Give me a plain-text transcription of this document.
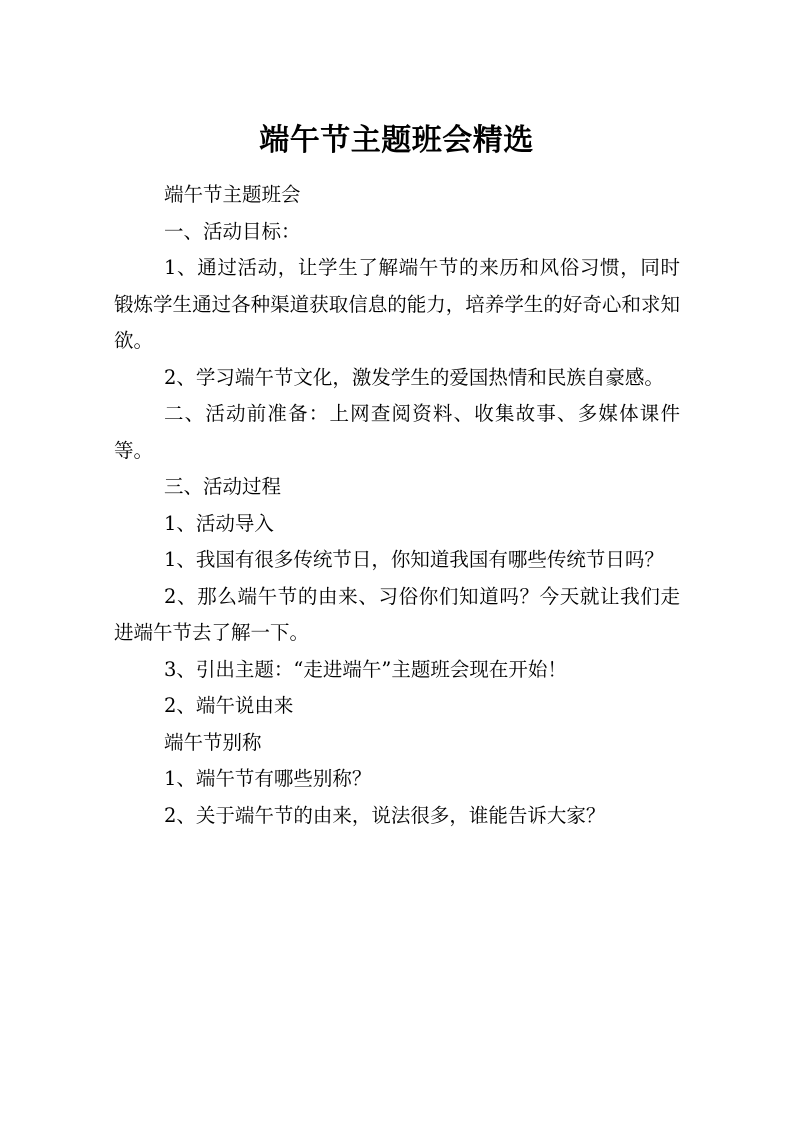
端午节主题班会精选

端午节主题班会

一、活动目标：

1、通过活动，让学生了解端午节的来历和风俗习惯，同时锻炼学生通过各种渠道获取信息的能力，培养学生的好奇心和求知欲。

2、学习端午节文化，激发学生的爱国热情和民族自豪感。

二、活动前准备：上网查阅资料、收集故事、多媒体课件等。

三、活动过程

1、活动导入

1、我国有很多传统节日，你知道我国有哪些传统节日吗？

2、那么端午节的由来、习俗你们知道吗？今天就让我们走进端午节去了解一下。

3、引出主题：“走进端午”主题班会现在开始！

2、端午说由来

端午节别称

1、端午节有哪些别称？

2、关于端午节的由来，说法很多，谁能告诉大家？
